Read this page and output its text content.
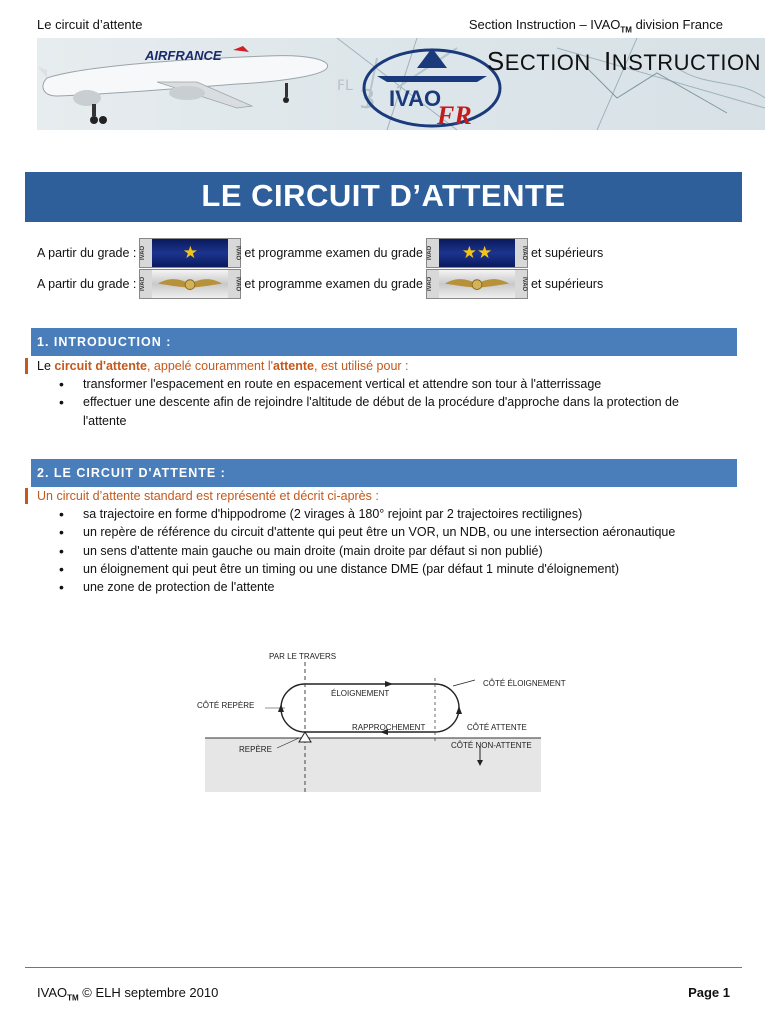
Le circuit d’attente	Section Instruction – $IVAO_{TM}$ division France
3
FL
AIRFRANCE
IVAO
FR
SECTION INSTRUCTION
LE CIRCUIT D’ATTENTE
A partir du grade : IVAO	★	IVAO et programme examen du grade IVAO	★★	IVAO et supérieurs
A partir du grade : IVAO	IVAO et programme examen du grade IVAO	IVAO et supérieurs
1. INTRODUCTION :
Le circuit d'attente, appelé couramment l'attente, est utilisé pour :
• transformer l'espacement en route en espacement vertical et attendre son tour à l'atterrissage
• effectuer une descente afin de rejoindre l'altitude de début de la procédure d'approche dans la protection de l'attente
2. LE CIRCUIT D'ATTENTE :
Un circuit d’attente standard est représenté et décrit ci-après :
• sa trajectoire en forme d'hippodrome (2 virages à 180° rejoint par 2 trajectoires rectilignes)
• un repère de référence du circuit d'attente qui peut être un VOR, un NDB, ou une intersection aéronautique
• un sens d'attente main gauche ou main droite (main droite par défaut si non publié)
• un éloignement qui peut être un timing ou une distance DME (par défaut 1 minute d'éloignement)
• une zone de protection de l'attente
PAR LE TRAVERS
ÉLOIGNEMENT
CÔTÉ ÉLOIGNEMENT
CÔTÉ REPÈRE
RAPPROCHEMENT	CÔTÉ ATTENTE
CÔTÉ NON-ATTENTE
REPÈRE
$IVAO_{TM}$ © ELH septembre 2010	Page 1
